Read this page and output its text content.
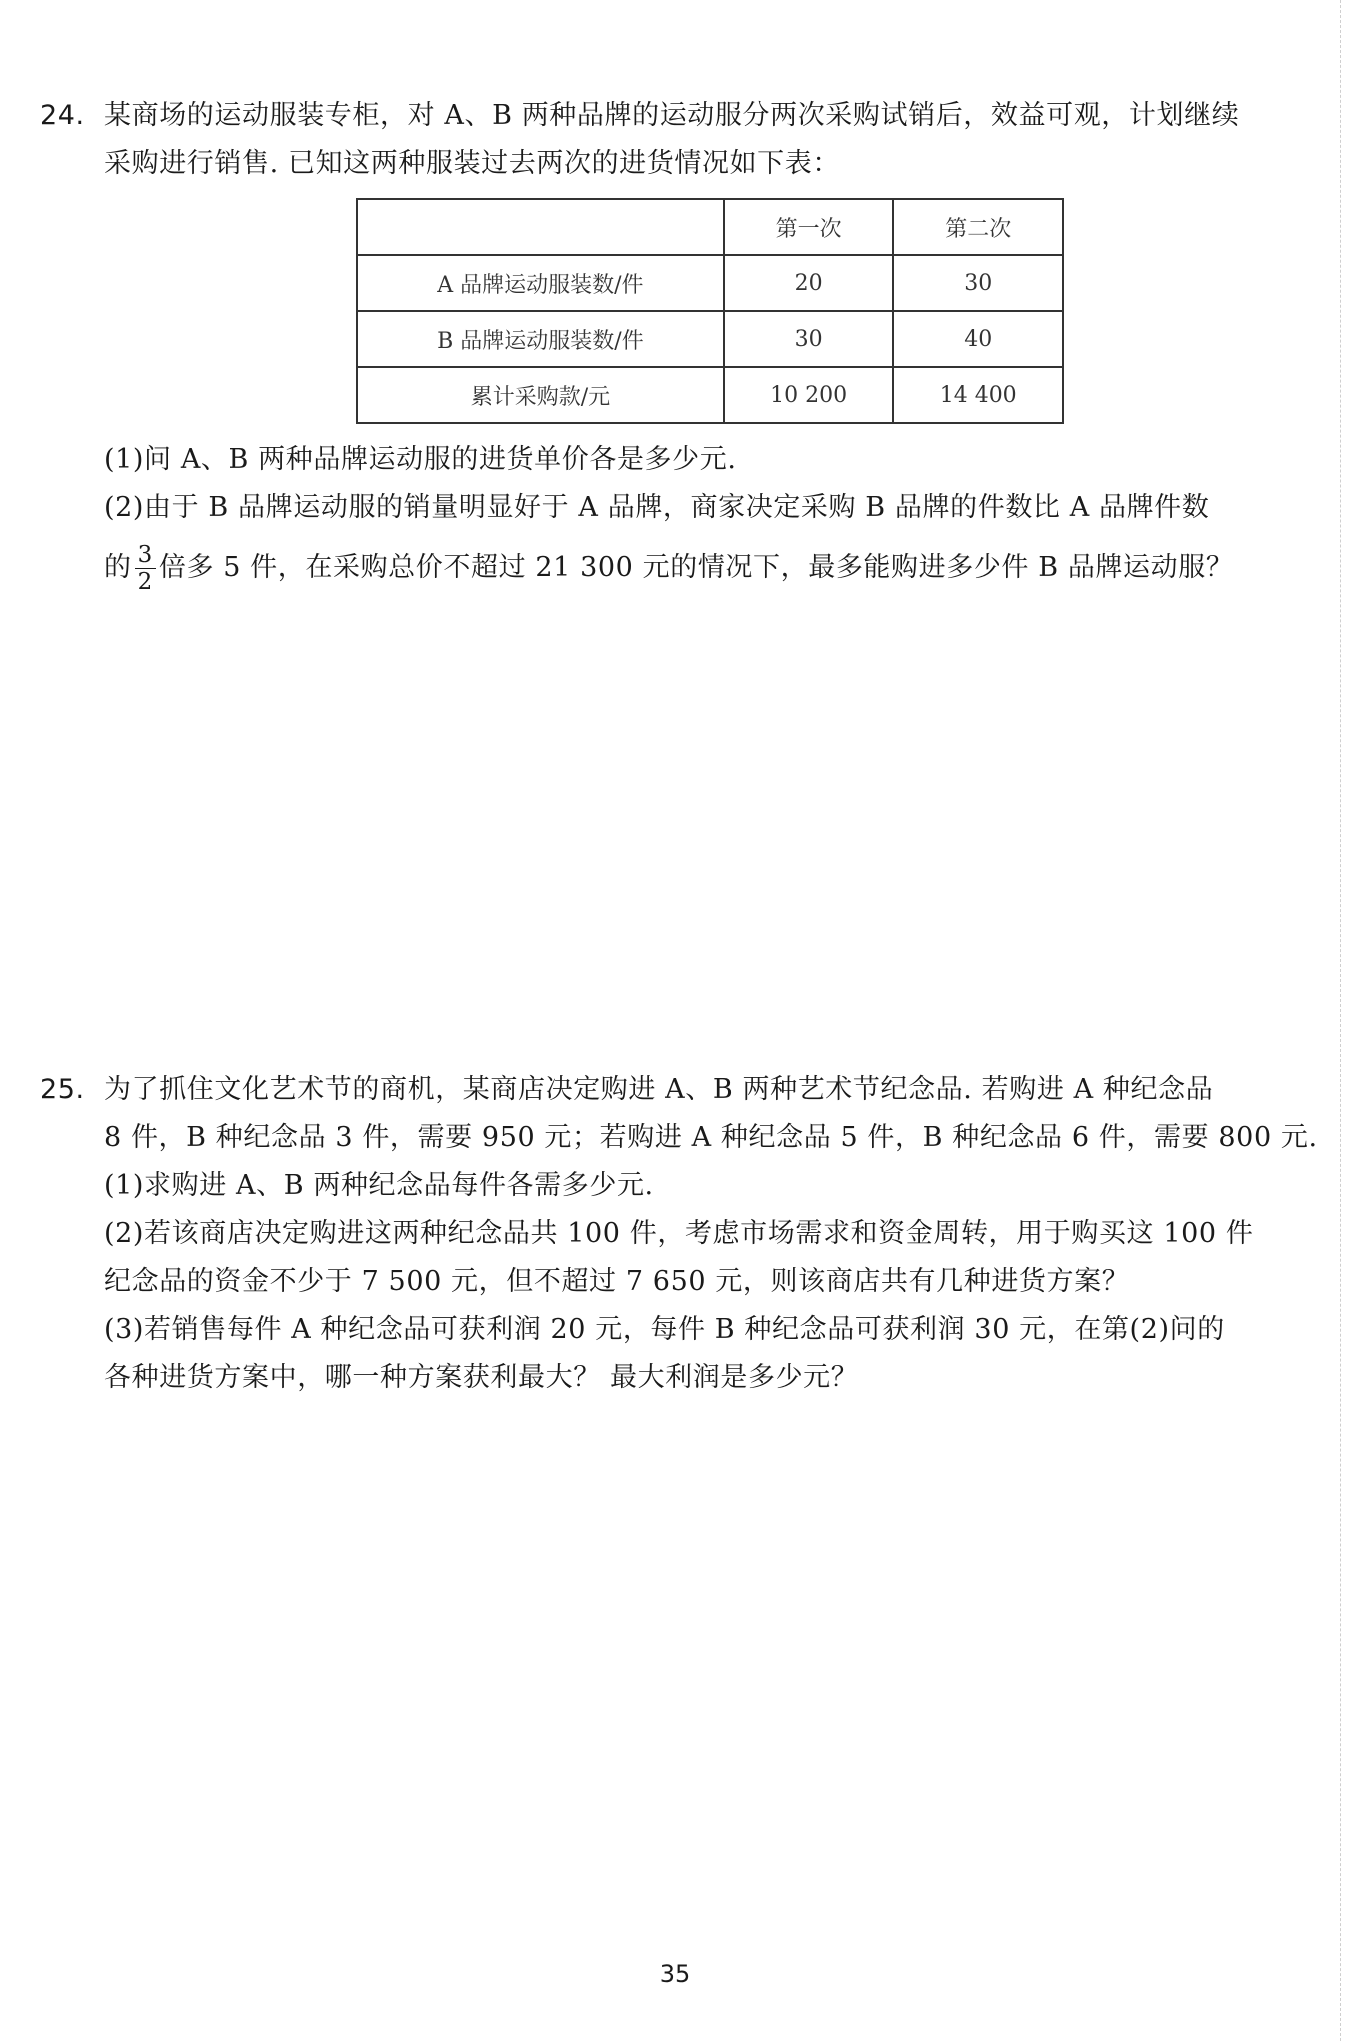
24. 某商场的运动服装专柜，对 A、B 两种品牌的运动服分两次采购试销后，效益可观，计划继续
采购进行销售. 已知这两种服装过去两次的进货情况如下表：
	第一次	第二次
A 品牌运动服装数/件	20	30
B 品牌运动服装数/件	30	40
累计采购款/元	10 200	14 400
(1)问 A、B 两种品牌运动服的进货单价各是多少元.
(2)由于 B 品牌运动服的销量明显好于 A 品牌，商家决定采购 B 品牌的件数比 A 品牌件数
的 $\frac{3}{2}$ 倍多 5 件，在采购总价不超过 21 300 元的情况下，最多能购进多少件 B 品牌运动服？
25. 为了抓住文化艺术节的商机，某商店决定购进 A、B 两种艺术节纪念品. 若购进 A 种纪念品
8 件，B 种纪念品 3 件，需要 950 元；若购进 A 种纪念品 5 件，B 种纪念品 6 件，需要 800 元.
(1)求购进 A、B 两种纪念品每件各需多少元.
(2)若该商店决定购进这两种纪念品共 100 件，考虑市场需求和资金周转，用于购买这 100 件
纪念品的资金不少于 7 500 元，但不超过 7 650 元，则该商店共有几种进货方案？
(3)若销售每件 A 种纪念品可获利润 20 元，每件 B 种纪念品可获利润 30 元，在第(2)问的
各种进货方案中，哪一种方案获利最大？ 最大利润是多少元？
35
